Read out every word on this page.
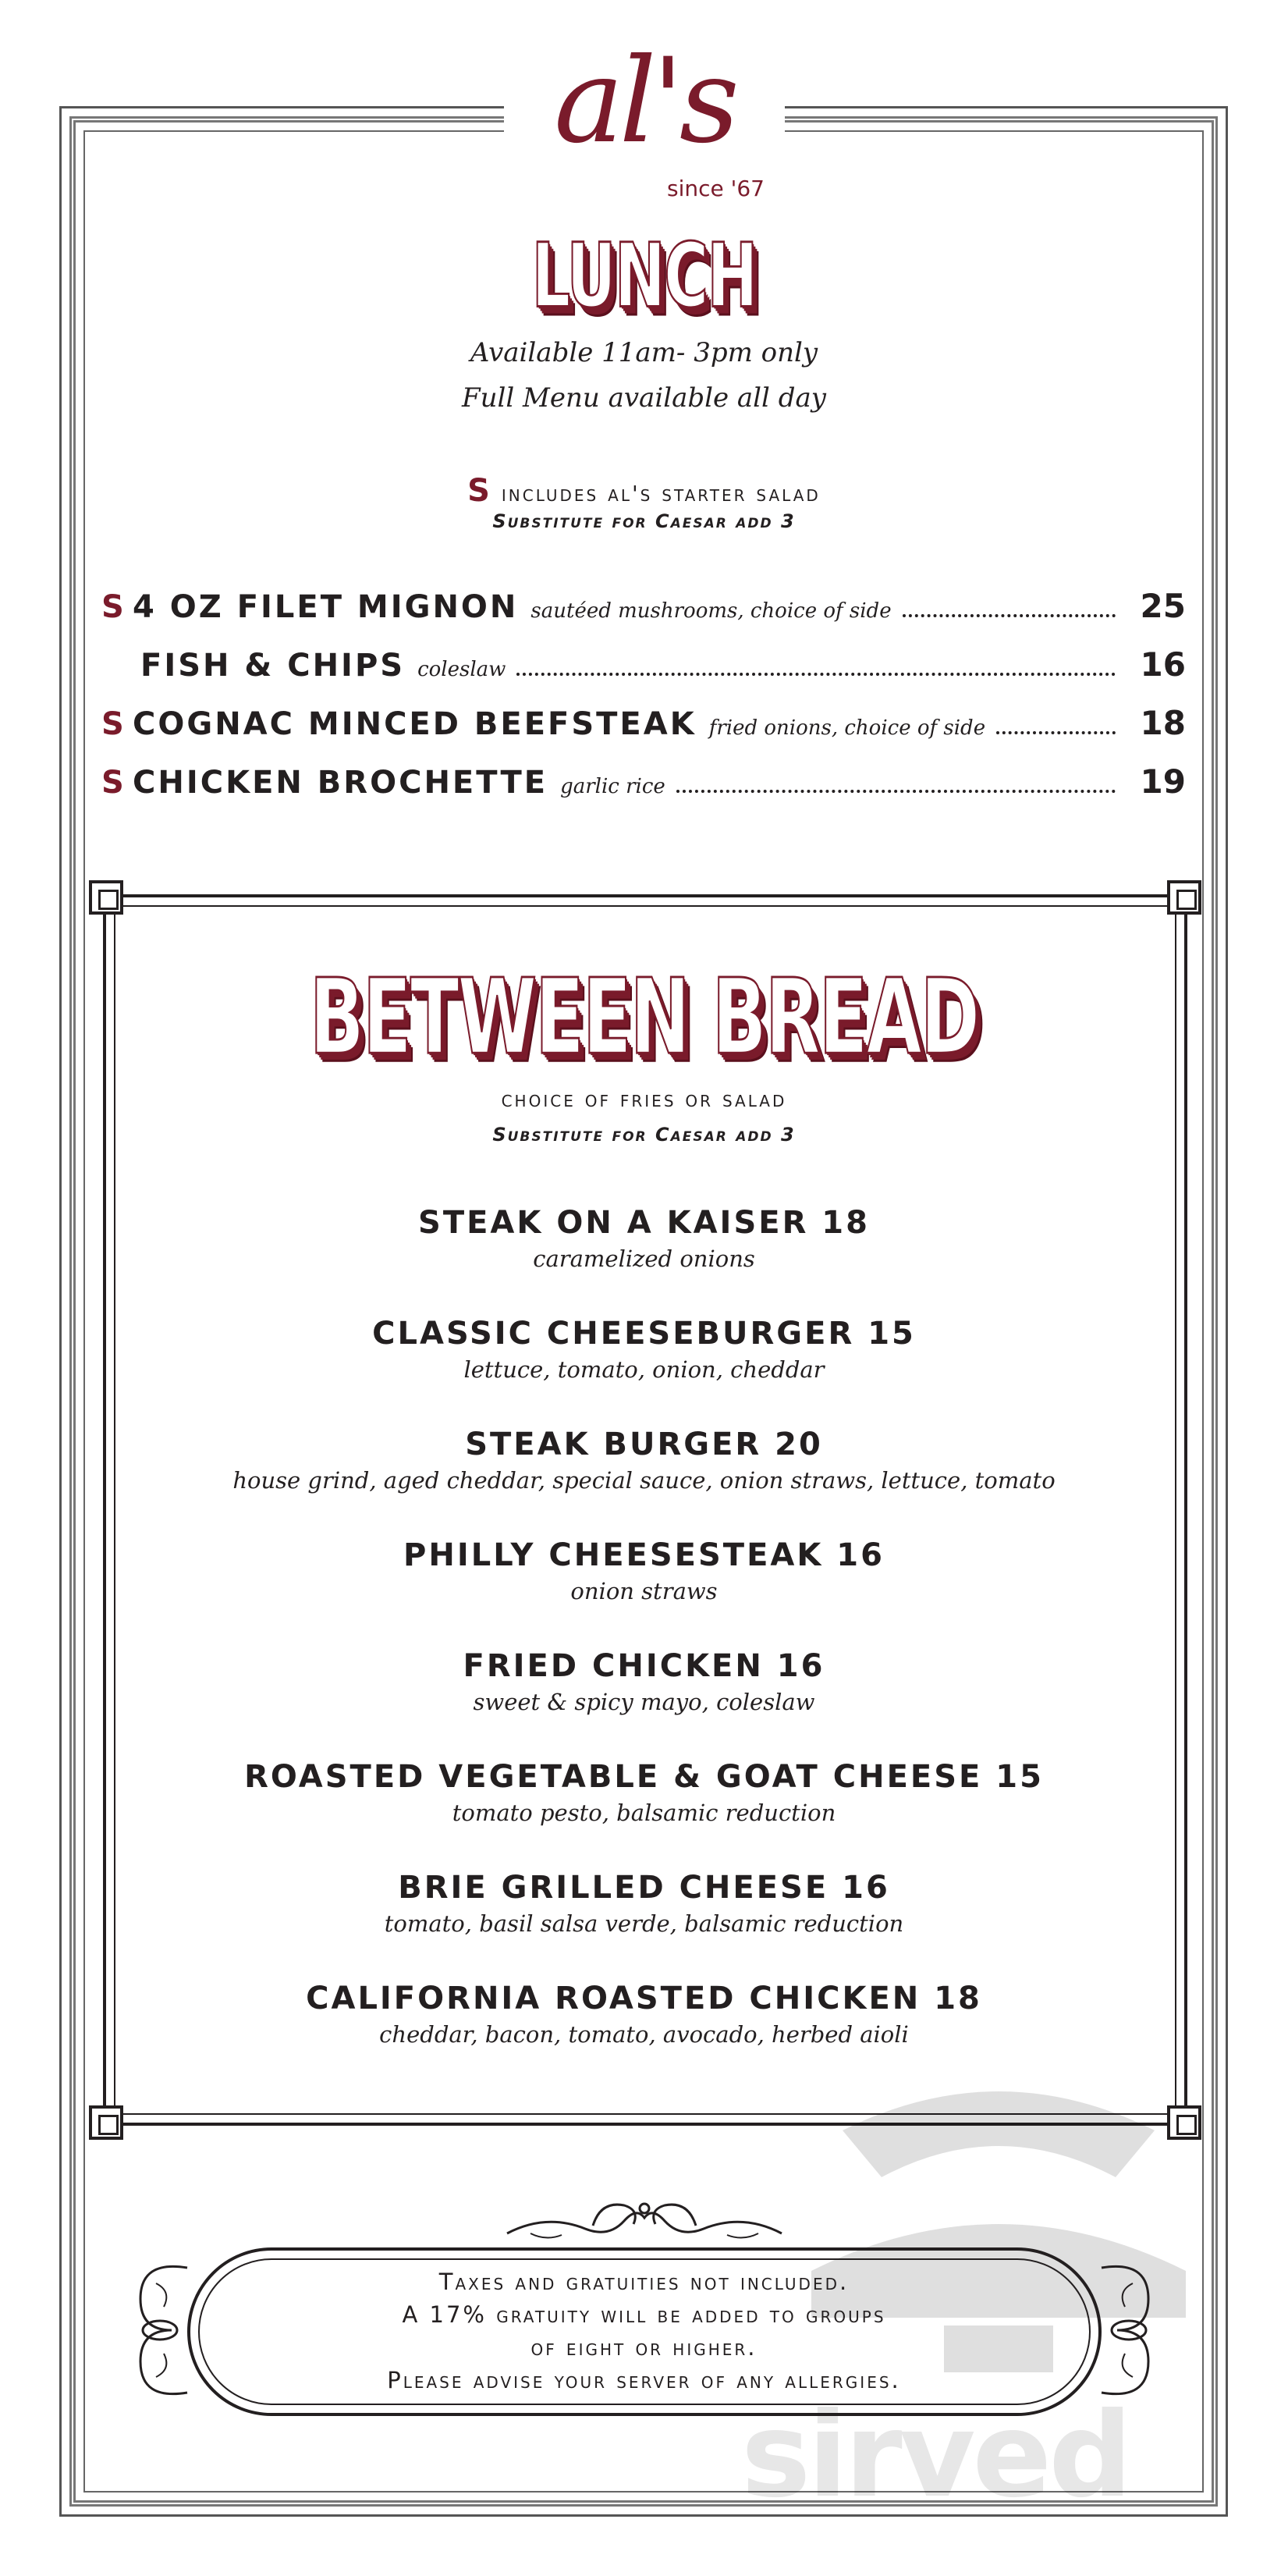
al's
since '67
LUNCH
Available 11am- 3pm only
Full Menu available all day
S includes al's starter salad
Substitute for Caesar add 3
S 4 OZ FILET MIGNON sautéed mushrooms, choice of side	25
FISH & CHIPS coleslaw	16
S COGNAC MINCED BEEFSTEAK fried onions, choice of side	18
S CHICKEN BROCHETTE garlic rice	19
BETWEEN BREAD
choice of fries or salad
Substitute for Caesar add 3
STEAK ON A KAISER 18
caramelized onions
CLASSIC CHEESEBURGER 15
lettuce, tomato, onion, cheddar
STEAK BURGER 20
house grind, aged cheddar, special sauce, onion straws, lettuce, tomato
PHILLY CHEESESTEAK 16
onion straws
FRIED CHICKEN 16
sweet & spicy mayo, coleslaw
ROASTED VEGETABLE & GOAT CHEESE 15
tomato pesto, balsamic reduction
BRIE GRILLED CHEESE 16
tomato, basil salsa verde, balsamic reduction
CALIFORNIA ROASTED CHICKEN 18
cheddar, bacon, tomato, avocado, herbed aioli
sirved
Taxes and gratuities not included.
A 17% gratuity will be added to groups
of eight or higher.
Please advise your server of any allergies.
